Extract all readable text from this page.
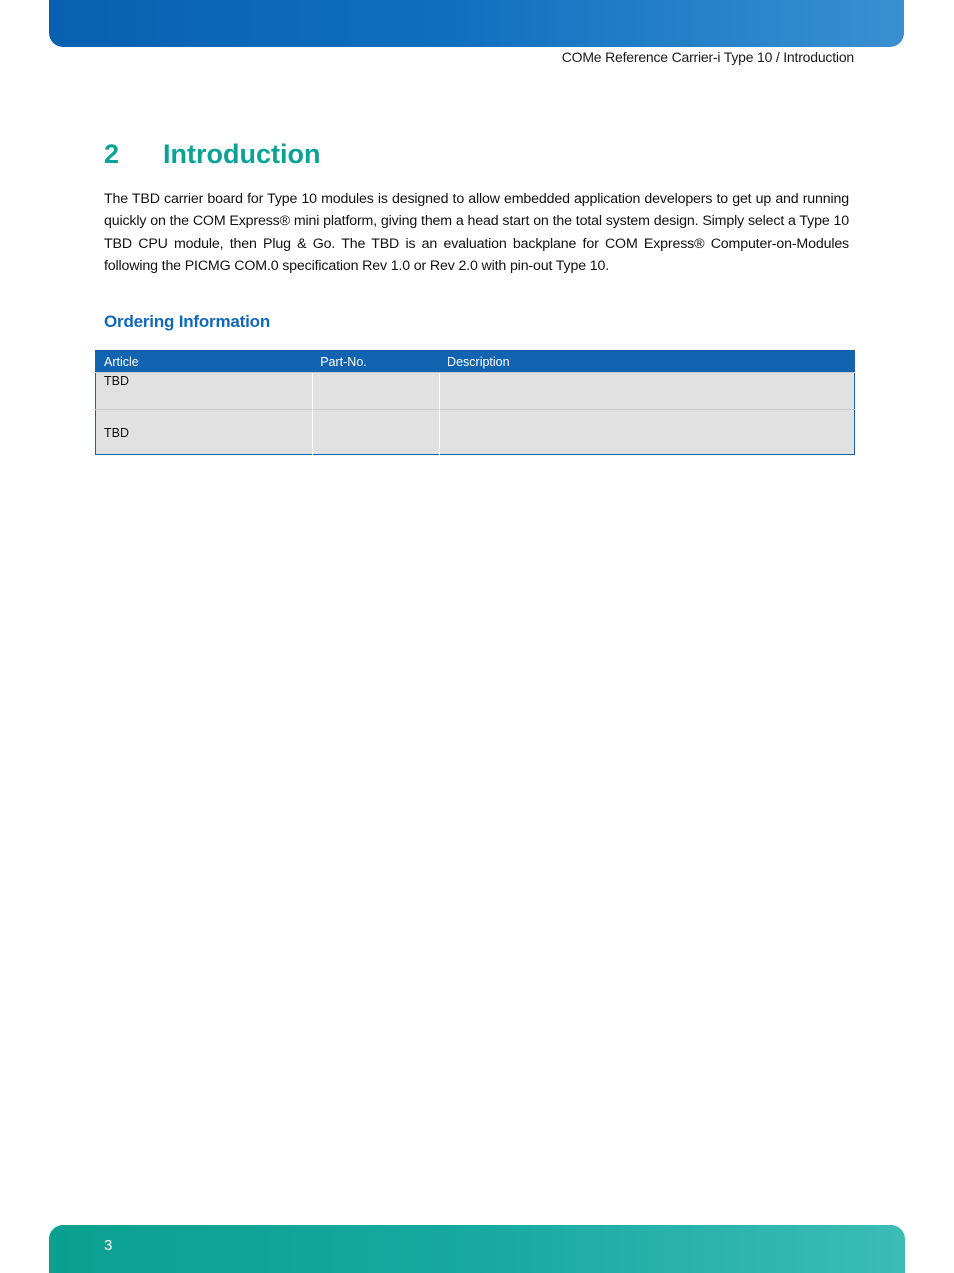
COMe Reference Carrier-i Type 10 / Introduction
2 Introduction

The TBD carrier board for Type 10 modules is designed to allow embedded application developers to get up and running quickly on the COM Express® mini platform, giving them a head start on the total system design. Simply select a Type 10 TBD CPU module, then Plug & Go. The TBD is an evaluation backplane for COM Express® Computer-on-Modules following the PICMG COM.0 specification Rev 1.0 or Rev 2.0 with pin-out Type 10.

Ordering Information
Article	Part-No.	Description
TBD		
TBD		
3
